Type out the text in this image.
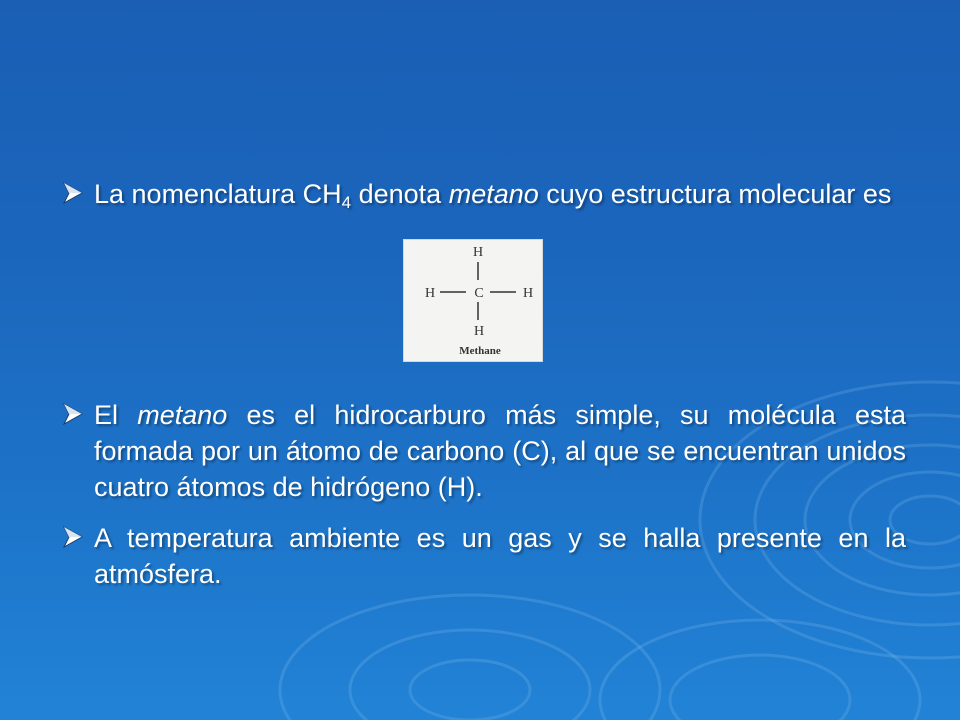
La nomenclatura $CH_4$ denota metano cuyo estructura molecular es
H
H	C	H
H
Methane
El metano es el hidrocarburo más simple, su molécula esta formada por un átomo de carbono (C), al que se encuentran unidos cuatro átomos de hidrógeno (H).
A temperatura ambiente es un gas y se halla presente en la atmósfera.
